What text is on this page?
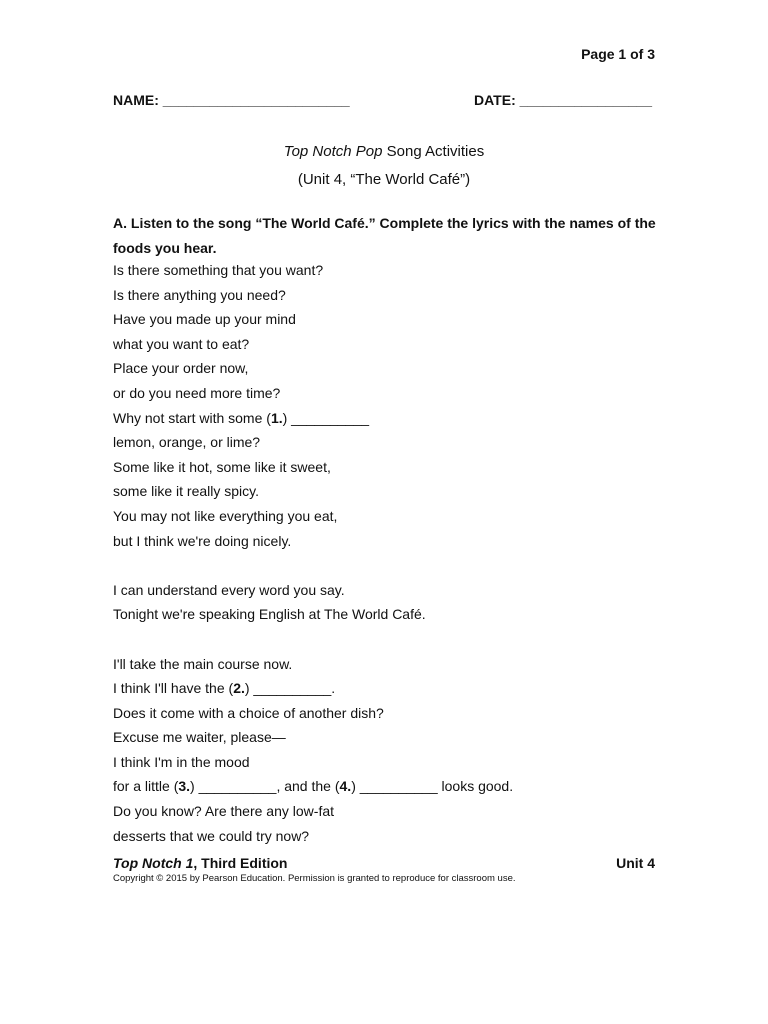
Page 1 of 3
NAME: ________________________	DATE: _________________
Top Notch Pop Song Activities
(Unit 4, “The World Café”)
A. Listen to the song “The World Café.” Complete the lyrics with the names of the foods you hear.
Is there something that you want?
Is there anything you need?
Have you made up your mind
what you want to eat?
Place your order now,
or do you need more time?
Why not start with some (1.) __________
lemon, orange, or lime?
Some like it hot, some like it sweet,
some like it really spicy.
You may not like everything you eat,
but I think we're doing nicely.
I can understand every word you say.
Tonight we're speaking English at The World Café.
I'll take the main course now.
I think I'll have the (2.) __________.
Does it come with a choice of another dish?
Excuse me waiter, please—
I think I'm in the mood
for a little (3.) __________, and the (4.) __________ looks good.
Do you know? Are there any low-fat
desserts that we could try now?
Top Notch 1, Third Edition	Unit 4
Copyright © 2015 by Pearson Education. Permission is granted to reproduce for classroom use.
